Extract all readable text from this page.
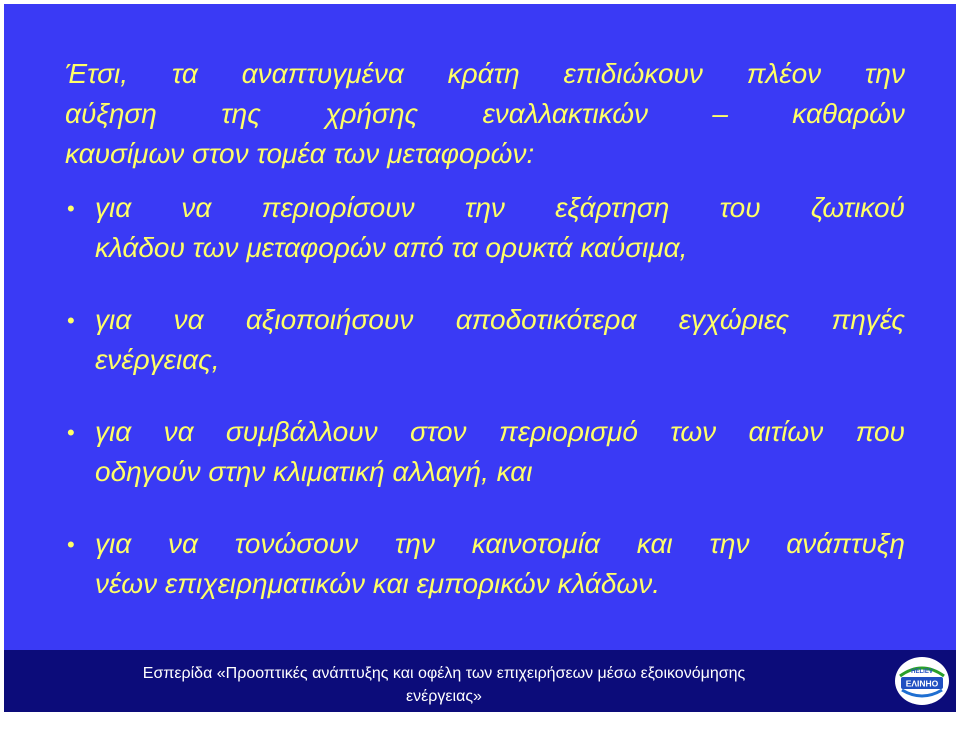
Έτσι, τα αναπτυγμένα κράτη επιδιώκουν πλέον την
αύξηση της χρήσης εναλλακτικών – καθαρών
καυσίμων στον τομέα των μεταφορών:
• για να περιορίσουν την εξάρτηση του ζωτικού
κλάδου των μεταφορών από τα ορυκτά καύσιμα,
• για να αξιοποιήσουν αποδοτικότερα εγχώριες πηγές
ενέργειας,
• για να συμβάλλουν στον περιορισμό των αιτίων που
οδηγούν στην κλιματική αλλαγή, και
• για να τονώσουν την καινοτομία και την ανάπτυξη
νέων επιχειρηματικών και εμπορικών κλάδων.
Εσπερίδα «Προοπτικές ανάπτυξης και οφέλη των επιχειρήσεων μέσω εξοικονόμησης ενέργειας»
ΕΙΔΙΠ — ΕΕΔΕ / Αθήνα , 30 Οκτωβρίου 2014
HELIEV
ΕΛΙΝΗΟ
